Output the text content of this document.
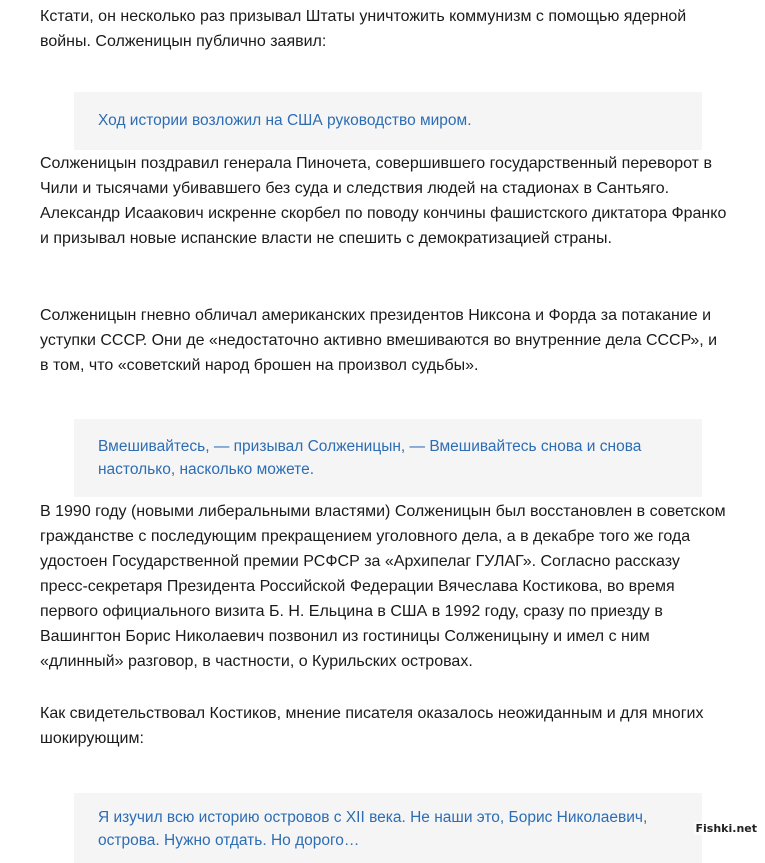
Кстати, он несколько раз призывал Штаты уничтожить коммунизм с помощью ядерной войны. Солженицын публично заявил:

Ход истории возложил на США руководство миром.

Солженицын поздравил генерала Пиночета, совершившего государственный переворот в Чили и тысячами убивавшего без суда и следствия людей на стадионах в Сантьяго. Александр Исаакович искренне скорбел по поводу кончины фашистского диктатора Франко и призывал новые испанские власти не спешить с демократизацией страны.

Солженицын гневно обличал американских президентов Никсона и Форда за потакание и уступки СССР. Они де «недостаточно активно вмешиваются во внутренние дела СССР», и в том, что «советский народ брошен на произвол судьбы».

Вмешивайтесь, — призывал Солженицын, — Вмешивайтесь снова и снова настолько, насколько можете.

В 1990 году (новыми либеральными властями) Солженицын был восстановлен в советском гражданстве с последующим прекращением уголовного дела, а в декабре того же года удостоен Государственной премии РСФСР за «Архипелаг ГУЛАГ». Согласно рассказу пресс-секретаря Президента Российской Федерации Вячеслава Костикова, во время первого официального визита Б. Н. Ельцина в США в 1992 году, сразу по приезду в Вашингтон Борис Николаевич позвонил из гостиницы Солженицыну и имел с ним «длинный» разговор, в частности, о Курильских островах.

Как свидетельствовал Костиков, мнение писателя оказалось неожиданным и для многих шокирующим:

Я изучил всю историю островов с XII века. Не наши это, Борис Николаевич, острова. Нужно отдать. Но дорого…
Fishki.net
